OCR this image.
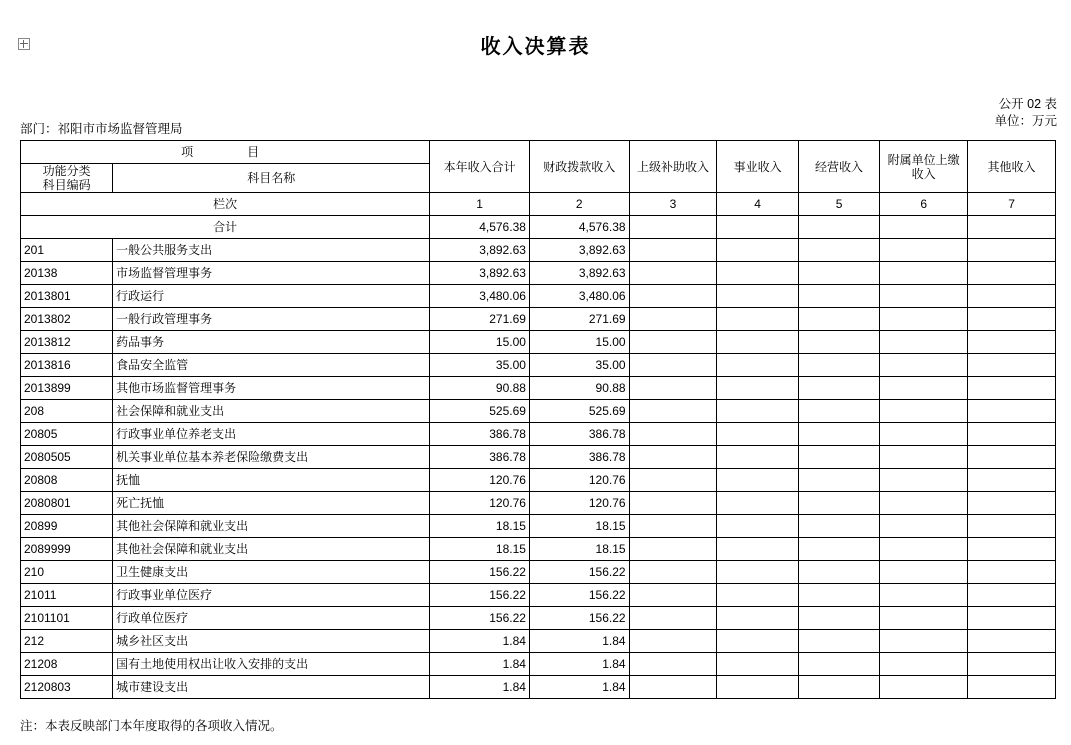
收入决算表
公开 02 表
单位：万元
部门：祁阳市市场监督管理局
项　　目		本年收入合计	财政拨款收入	上级补助收入	事业收入	经营收入	附属单位上缴收入	其他收入

功能分类
科目编码	科目名称							
栏次		1	2	3	4	5	6	7
合计		4,576.38	4,576.38					
201	一般公共服务支出	3,892.63	3,892.63					
20138	市场监督管理事务	3,892.63	3,892.63					
2013801	行政运行	3,480.06	3,480.06					
2013802	一般行政管理事务	271.69	271.69					
2013812	药品事务	15.00	15.00					
2013816	食品安全监管	35.00	35.00					
2013899	其他市场监督管理事务	90.88	90.88					
208	社会保障和就业支出	525.69	525.69					
20805	行政事业单位养老支出	386.78	386.78					
2080505	机关事业单位基本养老保险缴费支出	386.78	386.78					
20808	抚恤	120.76	120.76					
2080801	死亡抚恤	120.76	120.76					
20899	其他社会保障和就业支出	18.15	18.15					
2089999	其他社会保障和就业支出	18.15	18.15					
210	卫生健康支出	156.22	156.22					
21011	行政事业单位医疗	156.22	156.22					
2101101	行政单位医疗	156.22	156.22					
212	城乡社区支出	1.84	1.84					
21208	国有土地使用权出让收入安排的支出	1.84	1.84					
2120803	城市建设支出	1.84	1.84					
注：本表反映部门本年度取得的各项收入情况。
